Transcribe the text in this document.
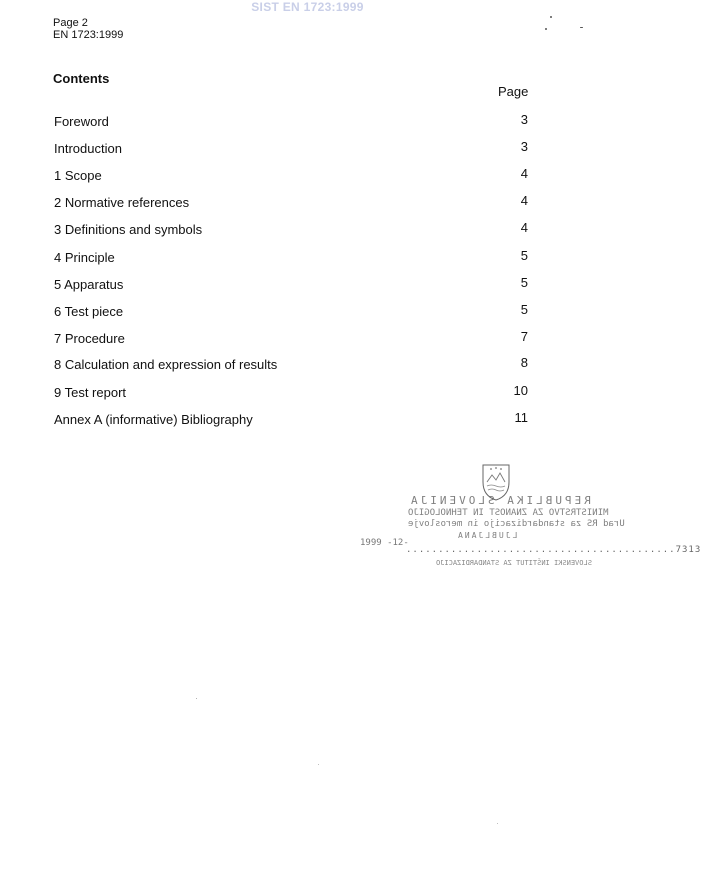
SIST EN 1723:1999
Page 2
EN 1723:1999
Contents
Page
Foreword	3
Introduction	3
1 Scope	4
2 Normative references	4
3 Definitions and symbols	4
4 Principle	5
5 Apparatus	5
6 Test piece	5
7 Procedure	7
8 Calculation and expression of results	8
9 Test report	10
Annex A (informative) Bibliography	11
REPUBLIKA SLOVENIJA
MINISTRSTVO ZA ZNANOST IN TEHNOLOGIJO
Urad RS za standardizacijo in meroslovje
LJUBLJANA
1999 -12-
..........................................7313
SLOVENSKI INŠTITUT ZA STANDARDIZACIJO
